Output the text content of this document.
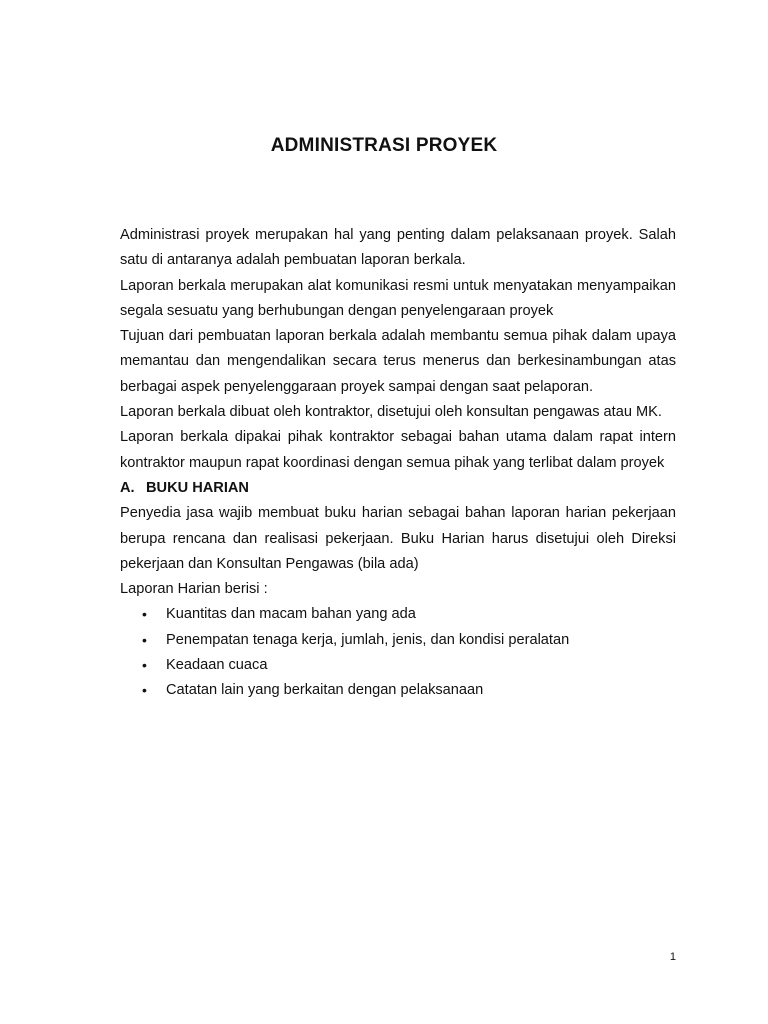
ADMINISTRASI PROYEK

Administrasi proyek merupakan hal yang penting dalam pelaksanaan proyek. Salah satu di antaranya adalah pembuatan laporan berkala.

Laporan berkala merupakan alat komunikasi resmi untuk menyatakan menyampaikan segala sesuatu yang berhubungan dengan penyelengaraan proyek

Tujuan dari pembuatan laporan berkala adalah membantu semua pihak dalam upaya memantau dan mengendalikan secara terus menerus dan berkesinambungan atas berbagai aspek penyelenggaraan proyek sampai dengan saat pelaporan.

Laporan berkala dibuat oleh kontraktor, disetujui oleh konsultan pengawas atau MK.

Laporan berkala dipakai pihak kontraktor sebagai bahan utama dalam rapat intern kontraktor maupun rapat koordinasi dengan semua pihak yang terlibat dalam proyek

A. BUKU HARIAN

Penyedia jasa wajib membuat buku harian sebagai bahan laporan harian pekerjaan berupa rencana dan realisasi pekerjaan. Buku Harian harus disetujui oleh Direksi pekerjaan dan Konsultan Pengawas (bila ada)

Laporan Harian berisi :

• Kuantitas dan macam bahan yang ada
• Penempatan tenaga kerja, jumlah, jenis, dan kondisi peralatan
• Keadaan cuaca
• Catatan lain yang berkaitan dengan pelaksanaan
1
